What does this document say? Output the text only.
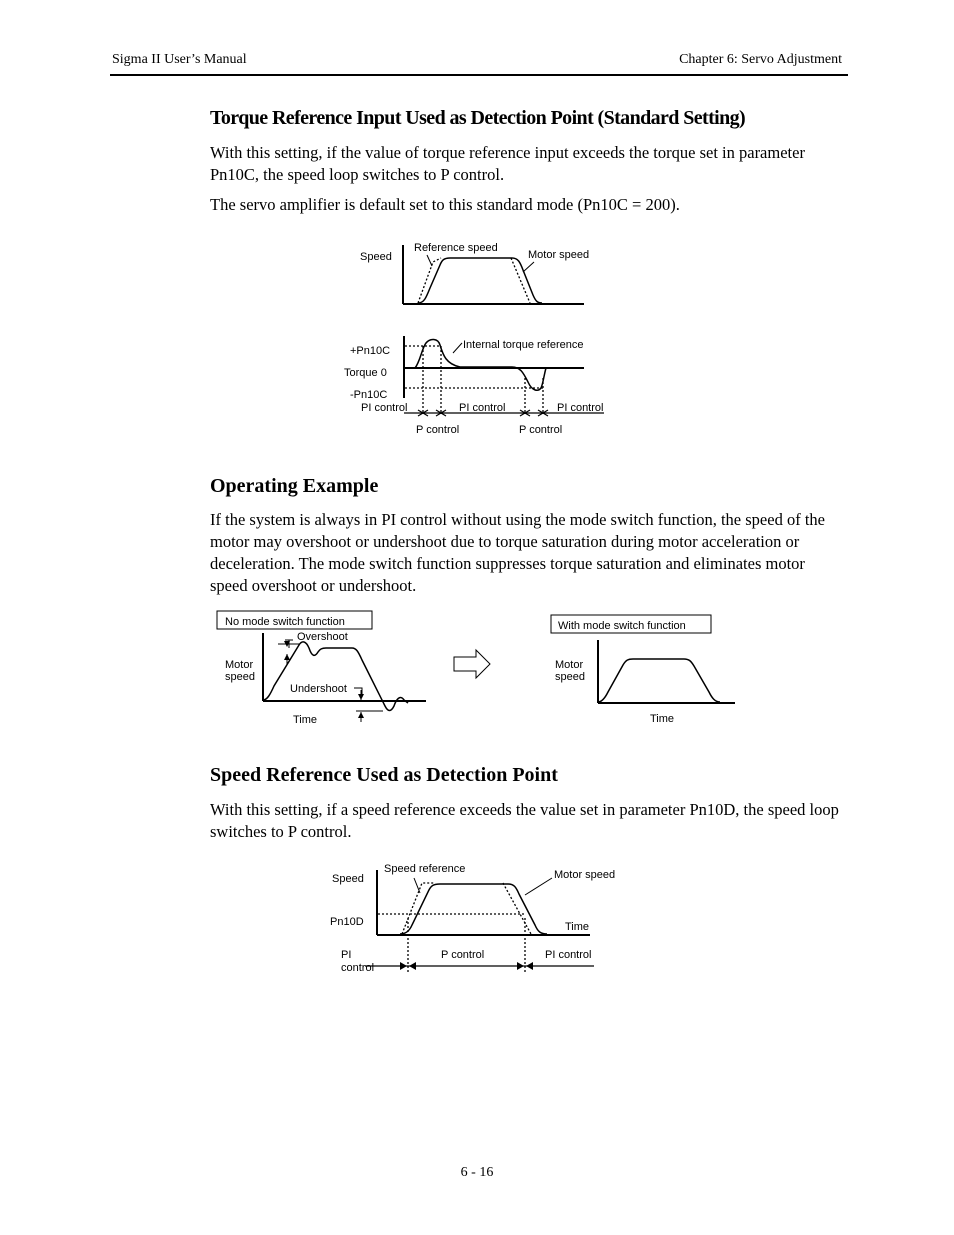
Sigma II User’s Manual	Chapter 6: Servo Adjustment
Torque Reference Input Used as Detection Point (Standard Setting)

With this setting, if the value of torque reference input exceeds the torque set in parameter Pn10C, the speed loop switches to P control.

The servo amplifier is default set to this standard mode (Pn10C = 200).

Speed
Reference speed
Motor speed
+Pn10C
Torque 0
-Pn10C
Internal torque reference
PI control	PI control	PI control
P control	P control
Operating Example

If the system is always in PI control without using the mode switch function, the speed of the motor may overshoot or undershoot due to torque saturation during motor acceleration or deceleration. The mode switch function suppresses torque saturation and eliminates motor speed overshoot or undershoot.

No mode switch function
Overshoot
Motor
speed
Undershoot
Time
With mode switch function
Motor
speed
Time
Speed Reference Used as Detection Point

With this setting, if a speed reference exceeds the value set in parameter Pn10D, the speed loop switches to P control.

Speed
Speed reference	Motor speed
Pn10D	Time
PI
control
P control	PI control
6 - 16
